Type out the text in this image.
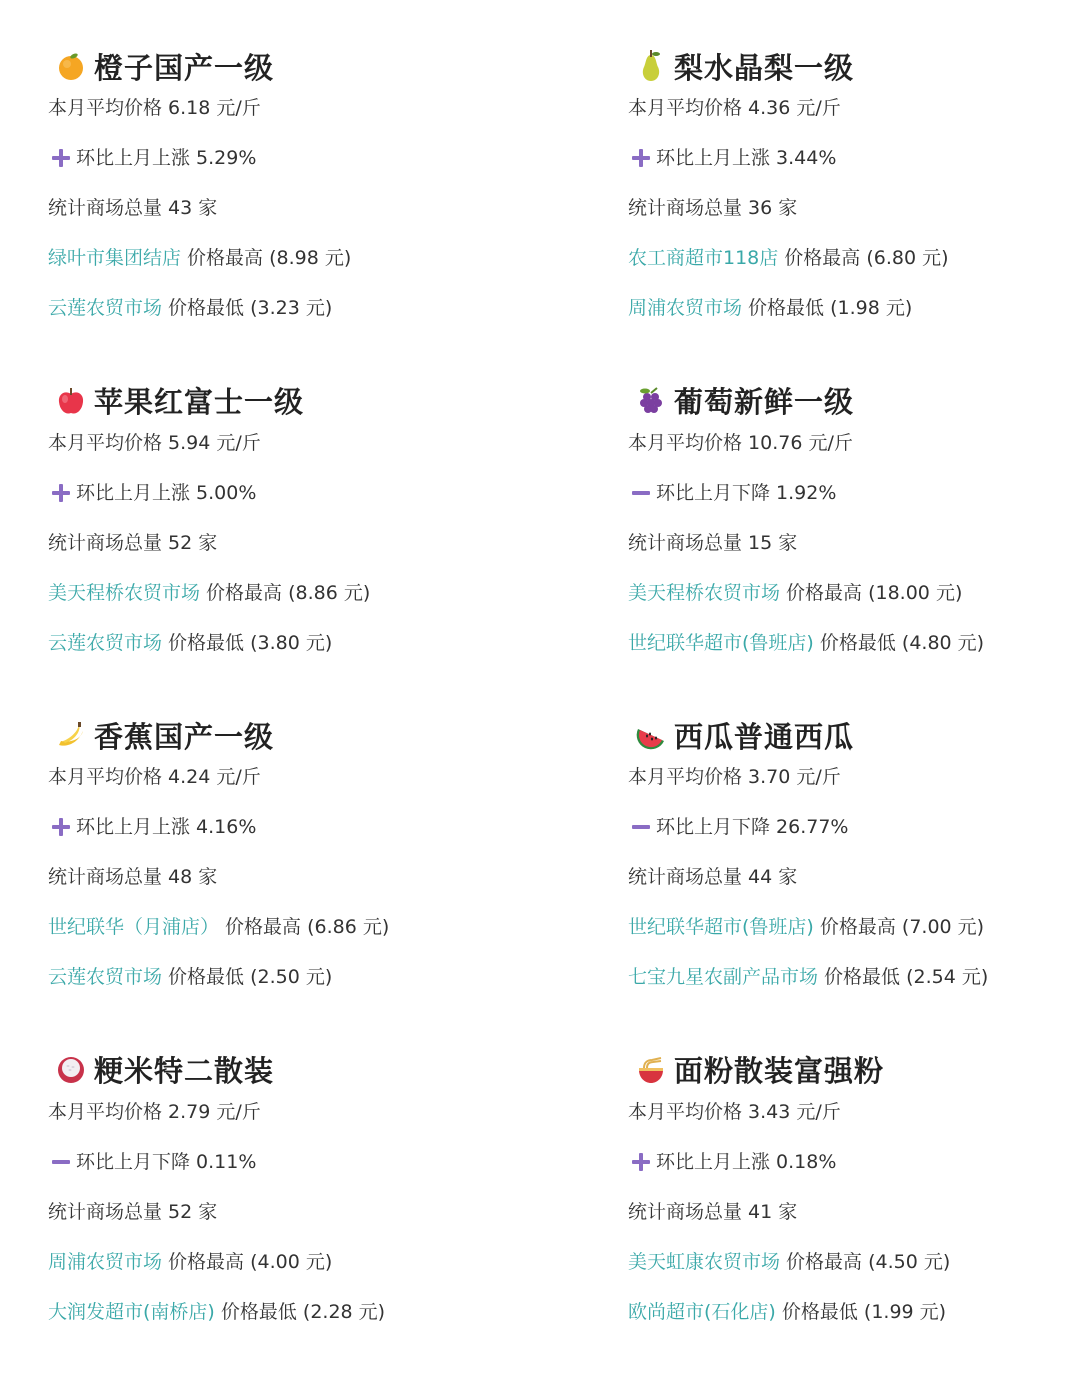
橙子国产一级
本月平均价格 6.18 元/斤
环比上月上涨 5.29%
统计商场总量 43 家
绿叶市集团结店 价格最高 (8.98 元)
云莲农贸市场 价格最低 (3.23 元)
梨水晶梨一级
本月平均价格 4.36 元/斤
环比上月上涨 3.44%
统计商场总量 36 家
农工商超市118店 价格最高 (6.80 元)
周浦农贸市场 价格最低 (1.98 元)
苹果红富士一级
本月平均价格 5.94 元/斤
环比上月上涨 5.00%
统计商场总量 52 家
美天程桥农贸市场 价格最高 (8.86 元)
云莲农贸市场 价格最低 (3.80 元)
葡萄新鲜一级
本月平均价格 10.76 元/斤
环比上月下降 1.92%
统计商场总量 15 家
美天程桥农贸市场 价格最高 (18.00 元)
世纪联华超市(鲁班店) 价格最低 (4.80 元)
香蕉国产一级
本月平均价格 4.24 元/斤
环比上月上涨 4.16%
统计商场总量 48 家
世纪联华（月浦店） 价格最高 (6.86 元)
云莲农贸市场 价格最低 (2.50 元)
西瓜普通西瓜
本月平均价格 3.70 元/斤
环比上月下降 26.77%
统计商场总量 44 家
世纪联华超市(鲁班店) 价格最高 (7.00 元)
七宝九星农副产品市场 价格最低 (2.54 元)
粳米特二散装
本月平均价格 2.79 元/斤
环比上月下降 0.11%
统计商场总量 52 家
周浦农贸市场 价格最高 (4.00 元)
大润发超市(南桥店) 价格最低 (2.28 元)
面粉散装富强粉
本月平均价格 3.43 元/斤
环比上月上涨 0.18%
统计商场总量 41 家
美天虹康农贸市场 价格最高 (4.50 元)
欧尚超市(石化店) 价格最低 (1.99 元)
